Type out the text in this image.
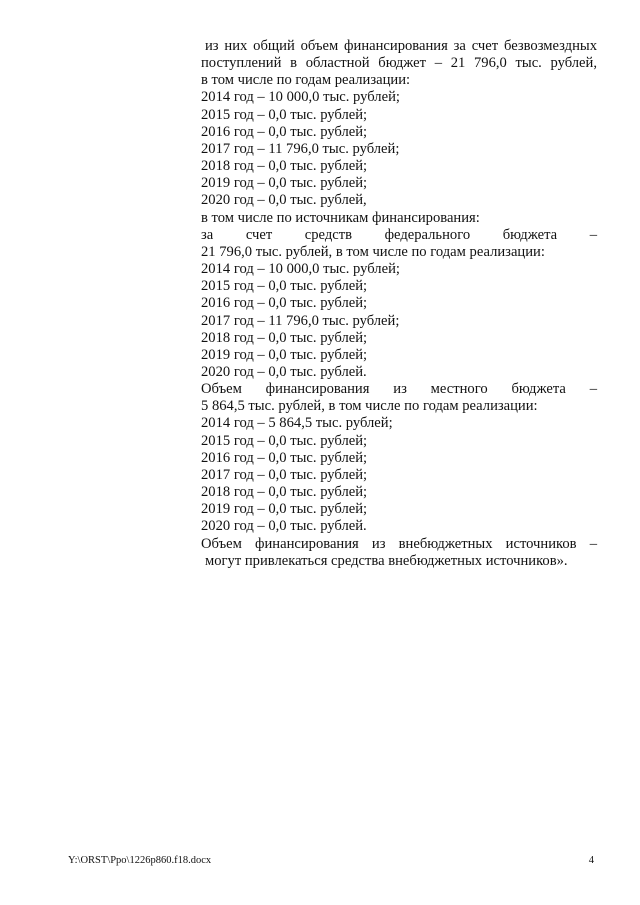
из них общий объем финансирования за счет безвозмездных
поступлений в областной бюджет – 21 796,0 тыс. рублей,
в том числе по годам реализации:
2014 год – 10 000,0 тыс. рублей;
2015 год – 0,0 тыс. рублей;
2016 год – 0,0 тыс. рублей;
2017 год – 11 796,0 тыс. рублей;
2018 год – 0,0 тыс. рублей;
2019 год – 0,0 тыс. рублей;
2020 год – 0,0 тыс. рублей,
в том числе по источникам финансирования:
за счет средств федерального бюджета –
21 796,0 тыс. рублей, в том числе по годам реализации:
2014 год – 10 000,0 тыс. рублей;
2015 год – 0,0 тыс. рублей;
2016 год – 0,0 тыс. рублей;
2017 год – 11 796,0 тыс. рублей;
2018 год – 0,0 тыс. рублей;
2019 год – 0,0 тыс. рублей;
2020 год – 0,0 тыс. рублей.
Объем финансирования из местного бюджета –
5 864,5 тыс. рублей, в том числе по годам реализации:
2014 год – 5 864,5 тыс. рублей;
2015 год – 0,0 тыс. рублей;
2016 год – 0,0 тыс. рублей;
2017 год – 0,0 тыс. рублей;
2018 год – 0,0 тыс. рублей;
2019 год – 0,0 тыс. рублей;
2020 год – 0,0 тыс. рублей.
Объем финансирования из внебюджетных источников –
могут привлекаться средства внебюджетных источников».
Y:\ORST\Ppo\1226p860.f18.docx	4
